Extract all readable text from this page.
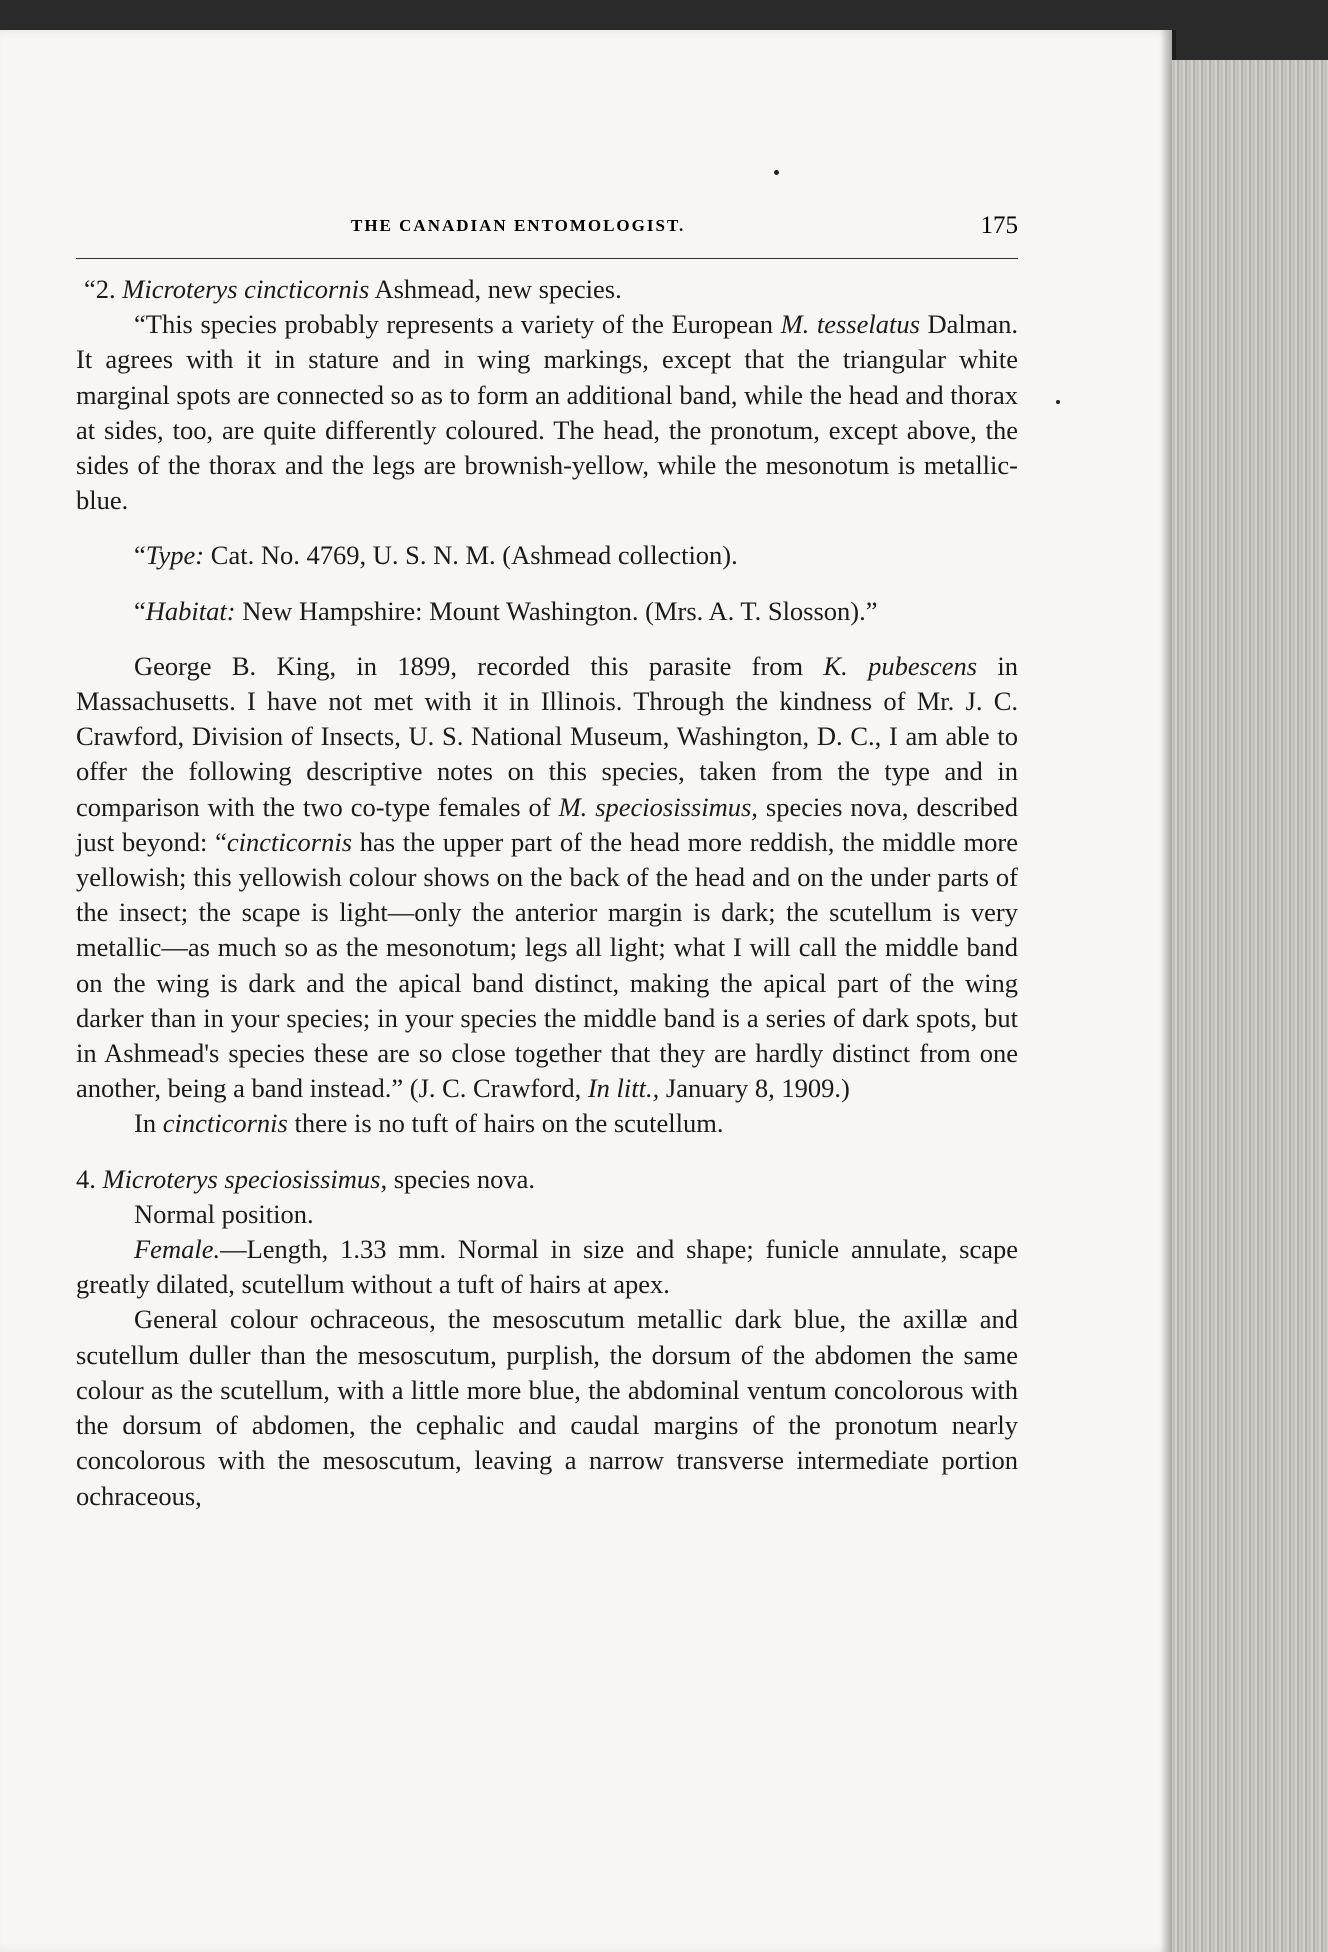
THE CANADIAN ENTOMOLOGIST.	175

“2. Microterys cincticornis Ashmead, new species.

“This species probably represents a variety of the European M. tesselatus Dalman. It agrees with it in stature and in wing markings, except that the triangular white marginal spots are connected so as to form an additional band, while the head and thorax at sides, too, are quite differently coloured. The head, the pronotum, except above, the sides of the thorax and the legs are brownish-yellow, while the mesonotum is metallic-blue.

“Type: Cat. No. 4769, U. S. N. M. (Ashmead collection).

“Habitat: New Hampshire: Mount Washington. (Mrs. A. T. Slosson).”

George B. King, in 1899, recorded this parasite from K. pubescens in Massachusetts. I have not met with it in Illinois. Through the kindness of Mr. J. C. Crawford, Division of Insects, U. S. National Museum, Washington, D. C., I am able to offer the following descriptive notes on this species, taken from the type and in comparison with the two co-type females of M. speciosissimus, species nova, described just beyond: “cincticornis has the upper part of the head more reddish, the middle more yellowish; this yellowish colour shows on the back of the head and on the under parts of the insect; the scape is light—only the anterior margin is dark; the scutellum is very metallic—as much so as the mesonotum; legs all light; what I will call the middle band on the wing is dark and the apical band distinct, making the apical part of the wing darker than in your species; in your species the middle band is a series of dark spots, but in Ashmead's species these are so close together that they are hardly distinct from one another, being a band instead.” (J. C. Crawford, In litt., January 8, 1909.)

In cincticornis there is no tuft of hairs on the scutellum.

4. Microterys speciosissimus, species nova.

Normal position.

Female.—Length, 1.33 mm. Normal in size and shape; funicle annulate, scape greatly dilated, scutellum without a tuft of hairs at apex.

General colour ochraceous, the mesoscutum metallic dark blue, the axillæ and scutellum duller than the mesoscutum, purplish, the dorsum of the abdomen the same colour as the scutellum, with a little more blue, the abdominal ventum concolorous with the dorsum of abdomen, the cephalic and caudal margins of the pronotum nearly concolorous with the mesoscutum, leaving a narrow transverse intermediate portion ochraceous,
